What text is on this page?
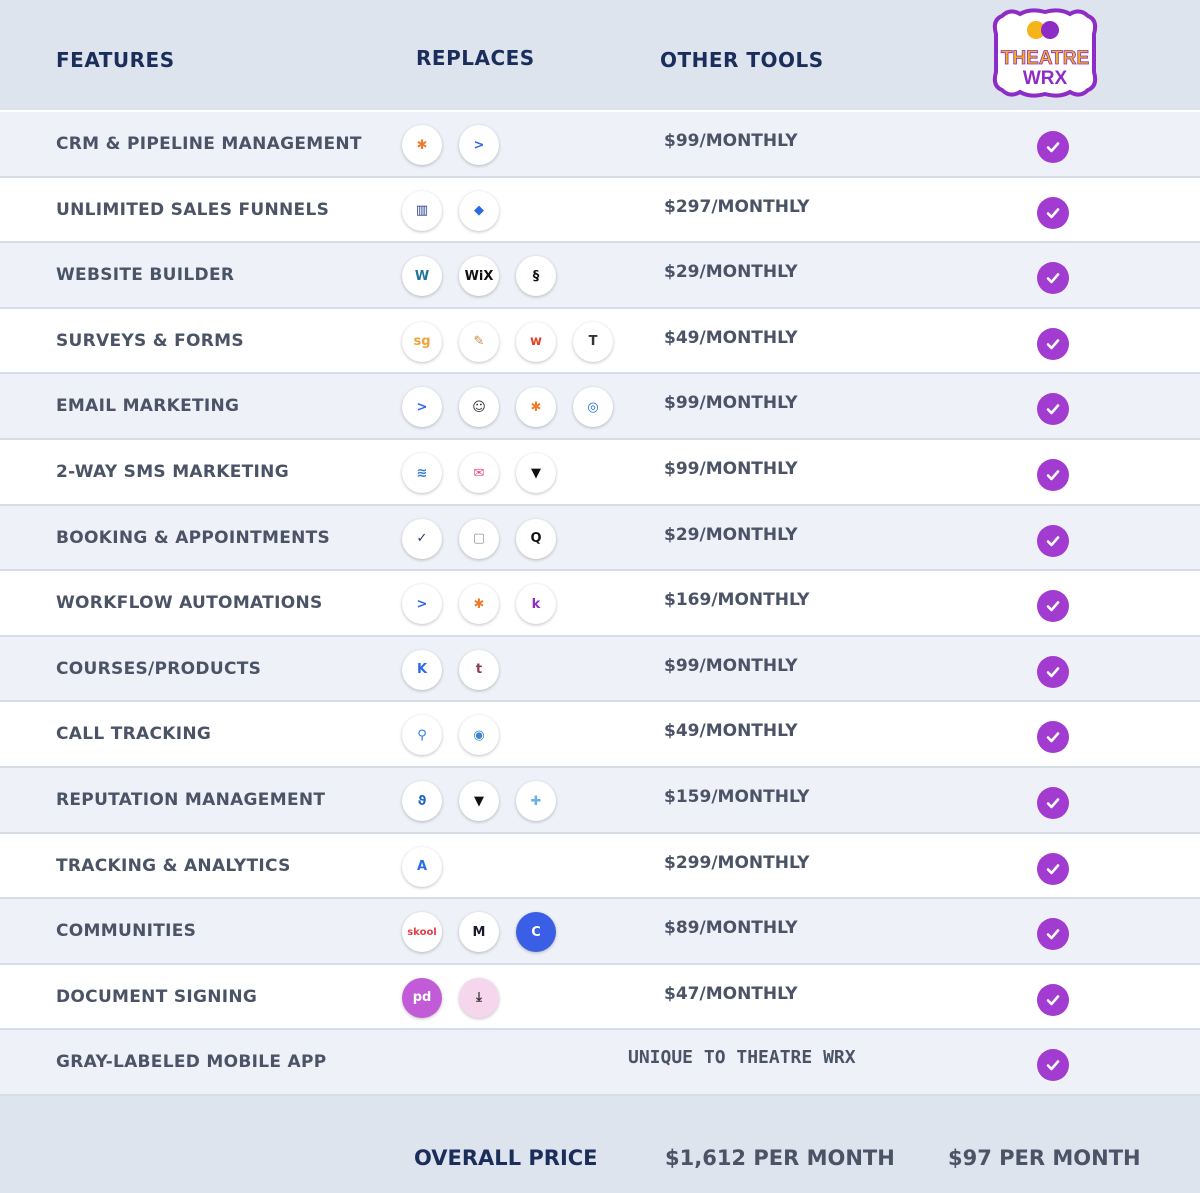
FEATURES	REPLACES	OTHER TOOLS	THEATRE
WRX
CRM & PIPELINE MANAGEMENT	✱	>	$99/MONTHLY
UNLIMITED SALES FUNNELS	▥	◆	$297/MONTHLY
WEBSITE BUILDER	W	WiX	§	$29/MONTHLY
SURVEYS & FORMS	sg	✎	w	T	$49/MONTHLY
EMAIL MARKETING	>	☺	✱	◎	$99/MONTHLY
2-WAY SMS MARKETING	≋	✉	▼	$99/MONTHLY
BOOKING & APPOINTMENTS	✓	▢	Q	$29/MONTHLY
WORKFLOW AUTOMATIONS	>	✱	k	$169/MONTHLY
COURSES/PRODUCTS	K	t	$99/MONTHLY
CALL TRACKING	⚲	◉	$49/MONTHLY
REPUTATION MANAGEMENT	ϑ	▼	✚	$159/MONTHLY
TRACKING & ANALYTICS	A	$299/MONTHLY
COMMUNITIES	skool	M	C	$89/MONTHLY
DOCUMENT SIGNING	pd	⤓	$47/MONTHLY
GRAY-LABELED MOBILE APP	UNIQUE TO THEATRE WRX
OVERALL PRICE	$1,612 PER MONTH	$97 PER MONTH
